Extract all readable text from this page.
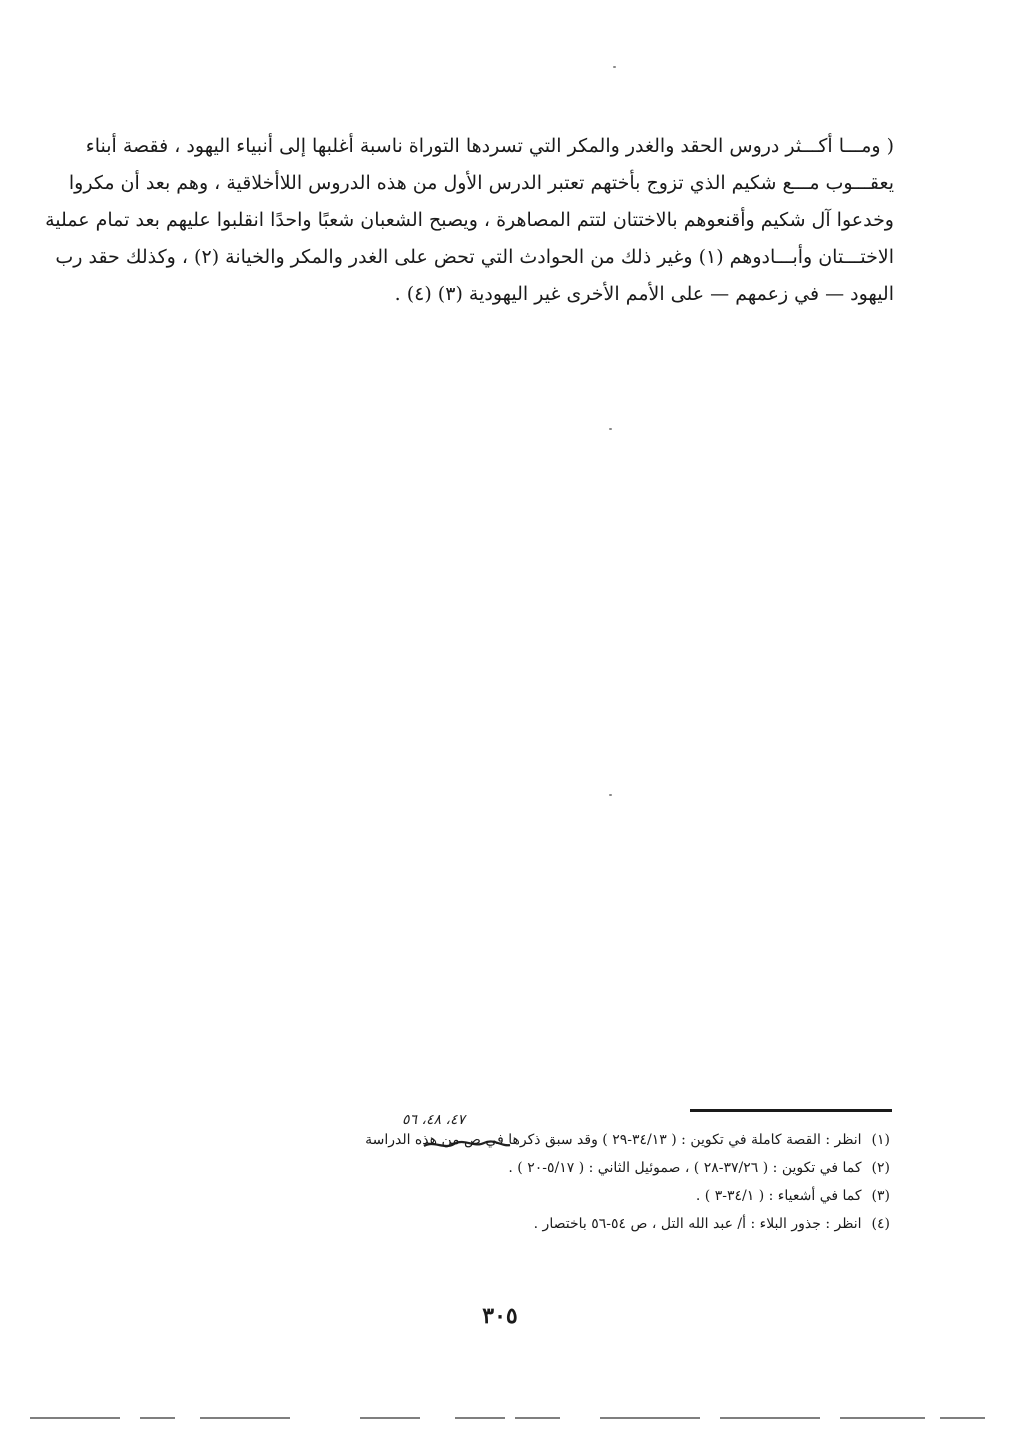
( ومـــا أكـــثر دروس الحقد والغدر والمكر التي تسردها التوراة ناسبة أغلبها إلى أنبياء اليهود ، فقصة أبناء
يعقـــوب مـــع شكيم الذي تزوج بأختهم تعتبر الدرس الأول من هذه الدروس اللاأخلاقية ، وهم بعد أن مكروا
وخدعوا آل شكيم وأقنعوهم بالاختتان لتتم المصاهرة ، ويصبح الشعبان شعبًا واحدًا انقلبوا عليهم بعد تمام عملية
الاختـــتان وأبـــادوهم (١) وغير ذلك من الحوادث التي تحض على الغدر والمكر والخيانة (٢) ، وكذلك حقد رب
اليهود — في زعمهم — على الأمم الأخرى غير اليهودية (٣) (٤) .
٤٧، ٤٨، ٥٦
(١)انظر : القصة كاملة في تكوين : ( ٣٤/١٣-٢٩ ) وقد سبق ذكرها في ص من هذه الدراسة
(٢)كما في تكوين : ( ٣٧/٢٦-٢٨ ) ، صموئيل الثاني : ( ٥/١٧-٢٠ ) .
(٣)كما في أشعياء : ( ٣٤/١-٣ ) .
(٤)انظر : جذور البلاء : أ/ عبد الله التل ، ص ٥٤-٥٦ باختصار .
٣٠٥
